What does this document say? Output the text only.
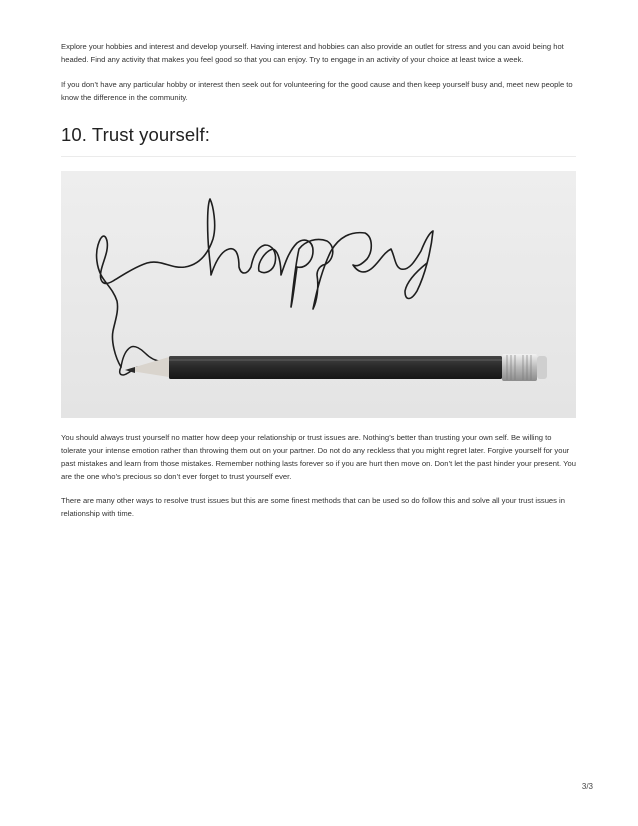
Explore your hobbies and interest and develop yourself. Having interest and hobbies can also provide an outlet for stress and you can avoid being hot headed. Find any activity that makes you feel good so that you can enjoy. Try to engage in an activity of your choice at least twice a week.

If you don’t have any particular hobby or interest then seek out for volunteering for the good cause and then keep yourself busy and, meet new people to know the difference in the community.

10. Trust yourself:

You should always trust yourself no matter how deep your relationship or trust issues are. Nothing’s better than trusting your own self. Be willing to tolerate your intense emotion rather than throwing them out on your partner. Do not do any reckless that you might regret later. Forgive yourself for your past mistakes and learn from those mistakes. Remember nothing lasts forever so if you are hurt then move on. Don’t let the past hinder your present. You are the one who’s precious so don’t ever forget to trust yourself ever.

There are many other ways to resolve trust issues but this are some finest methods that can be used so do follow this and solve all your trust issues in relationship with time.

3/3
